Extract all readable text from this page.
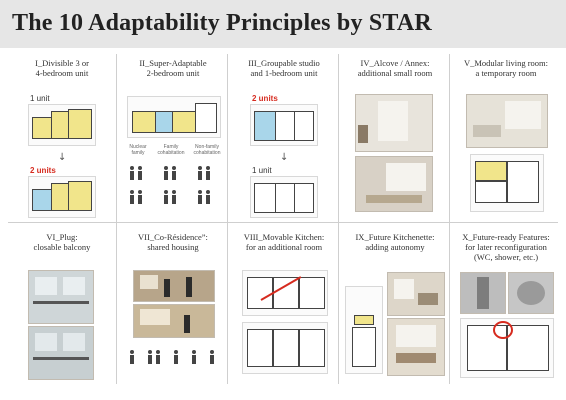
The 10 Adaptability Principles by STAR
I_Divisible 3 or
4-bedroom unit
1 unit
↓
2 units
II_Super-Adaptable
2-bedroom unit
Nuclear family
Family cohabitation
Non-family cohabitation
III_Groupable studio
and 1-bedroom unit
2 units
↓
1 unit
IV_Alcove / Annex:
additional small room
V_Modular living room:
a temporary room
VI_Plug:
closable balcony
VII_Co-Résidence”:
shared housing
VIII_Movable Kitchen:
for an additional room
IX_Future Kitchenette:
adding autonomy
X_Future-ready Features:
for later reconfiguration
(WC, shower, etc.)
